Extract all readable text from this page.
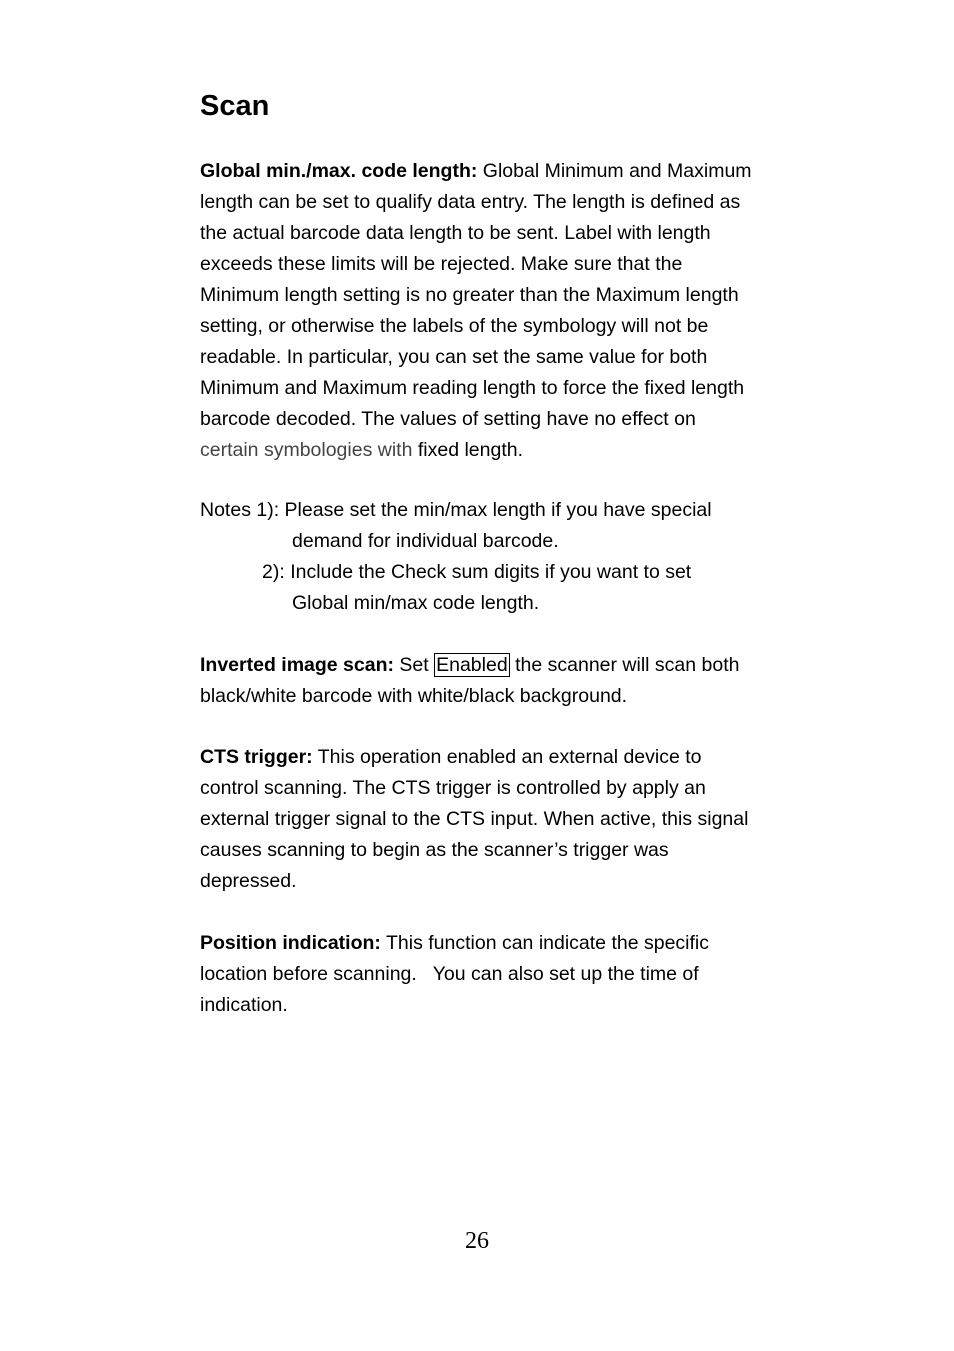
Scan

Global min./max. code length: Global Minimum and Maximum length can be set to qualify data entry. The length is defined as the actual barcode data length to be sent. Label with length exceeds these limits will be rejected. Make sure that the Minimum length setting is no greater than the Maximum length setting, or otherwise the labels of the symbology will not be readable. In particular, you can set the same value for both Minimum and Maximum reading length to force the fixed length barcode decoded. The values of setting have no effect on certain symbologies with fixed length.

Notes 1): Please set the min/max length if you have special
demand for individual barcode.
2): Include the Check sum digits if you want to set
Global min/max code length.

Inverted image scan: Set Enabled the scanner will scan both black/white barcode with white/black background.

CTS trigger: This operation enabled an external device to control scanning. The CTS trigger is controlled by apply an external trigger signal to the CTS input. When active, this signal causes scanning to begin as the scanner’s trigger was depressed.

Position indication: This function can indicate the specific location before scanning.   You can also set up the time of indication.

26
